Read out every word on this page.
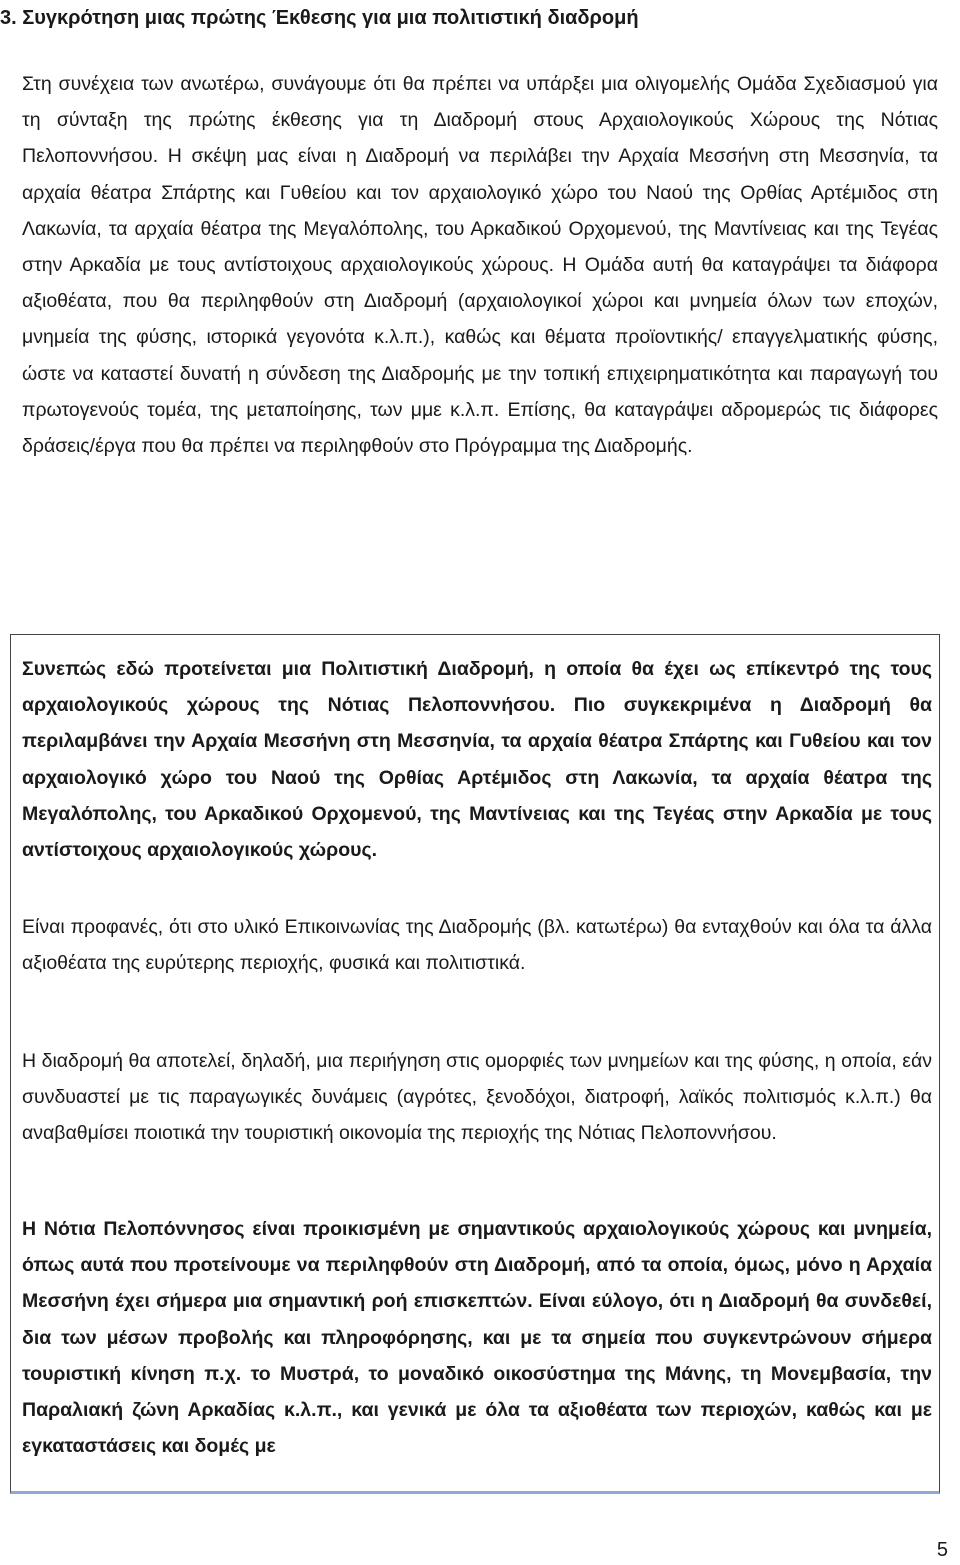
3. Συγκρότηση μιας πρώτης Έκθεσης για μια πολιτιστική διαδρομή
Στη συνέχεια των ανωτέρω, συνάγουμε ότι θα πρέπει να υπάρξει μια ολιγομελής Ομάδα Σχεδιασμού για τη σύνταξη της πρώτης έκθεσης για τη Διαδρομή στους Αρχαιολογικούς Χώρους της Νότιας Πελοποννήσου. Η σκέψη μας είναι η Διαδρομή να περιλάβει την Αρχαία Μεσσήνη στη Μεσσηνία, τα αρχαία θέατρα Σπάρτης και Γυθείου και τον αρχαιολογικό χώρο του Ναού της Ορθίας Αρτέμιδος στη Λακωνία, τα αρχαία θέατρα της Μεγαλόπολης, του Αρκαδικού Ορχομενού, της Μαντίνειας και της Τεγέας στην Αρκαδία με τους αντίστοιχους αρχαιολογικούς χώρους. Η Ομάδα αυτή θα καταγράψει τα διάφορα αξιοθέατα, που θα περιληφθούν στη Διαδρομή (αρχαιολογικοί χώροι και μνημεία όλων των εποχών, μνημεία της φύσης, ιστορικά γεγονότα κ.λ.π.), καθώς και θέματα προϊοντικής/ επαγγελματικής φύσης, ώστε να καταστεί δυνατή η σύνδεση της Διαδρομής με την τοπική επιχειρηματικότητα και παραγωγή του πρωτογενούς τομέα, της μεταποίησης, των μμε κ.λ.π. Επίσης, θα καταγράψει αδρομερώς τις διάφορες δράσεις/έργα που θα πρέπει να περιληφθούν στο Πρόγραμμα της Διαδρομής.
Συνεπώς εδώ προτείνεται μια Πολιτιστική Διαδρομή, η οποία θα έχει ως επίκεντρό της τους αρχαιολογικούς χώρους της Νότιας Πελοποννήσου. Πιο συγκεκριμένα η Διαδρομή θα περιλαμβάνει την Αρχαία Μεσσήνη στη Μεσσηνία, τα αρχαία θέατρα Σπάρτης και Γυθείου και τον αρχαιολογικό χώρο του Ναού της Ορθίας Αρτέμιδος στη Λακωνία, τα αρχαία θέατρα της Μεγαλόπολης, του Αρκαδικού Ορχομενού, της Μαντίνειας και της Τεγέας στην Αρκαδία με τους αντίστοιχους αρχαιολογικούς χώρους.
Είναι προφανές, ότι στο υλικό Επικοινωνίας της Διαδρομής (βλ. κατωτέρω) θα ενταχθούν και όλα τα άλλα αξιοθέατα της ευρύτερης περιοχής, φυσικά και πολιτιστικά.
Η διαδρομή θα αποτελεί, δηλαδή, μια περιήγηση στις ομορφιές των μνημείων και της φύσης, η οποία, εάν συνδυαστεί με τις παραγωγικές δυνάμεις (αγρότες, ξενοδόχοι, διατροφή, λαϊκός πολιτισμός κ.λ.π.) θα αναβαθμίσει ποιοτικά την τουριστική οικονομία της περιοχής της Νότιας Πελοποννήσου.
Η Νότια Πελοπόννησος είναι προικισμένη με σημαντικούς αρχαιολογικούς χώρους και μνημεία, όπως αυτά που προτείνουμε να περιληφθούν στη Διαδρομή, από τα οποία, όμως, μόνο η Αρχαία Μεσσήνη έχει σήμερα μια σημαντική ροή επισκεπτών. Είναι εύλογο, ότι η Διαδρομή θα συνδεθεί, δια των μέσων προβολής και πληροφόρησης, και με τα σημεία που συγκεντρώνουν σήμερα τουριστική κίνηση π.χ. το Μυστρά, το μοναδικό οικοσύστημα της Μάνης, τη Μονεμβασία, την Παραλιακή ζώνη Αρκαδίας κ.λ.π., και γενικά με όλα τα αξιοθέατα των περιοχών, καθώς και με εγκαταστάσεις και δομές με
5
